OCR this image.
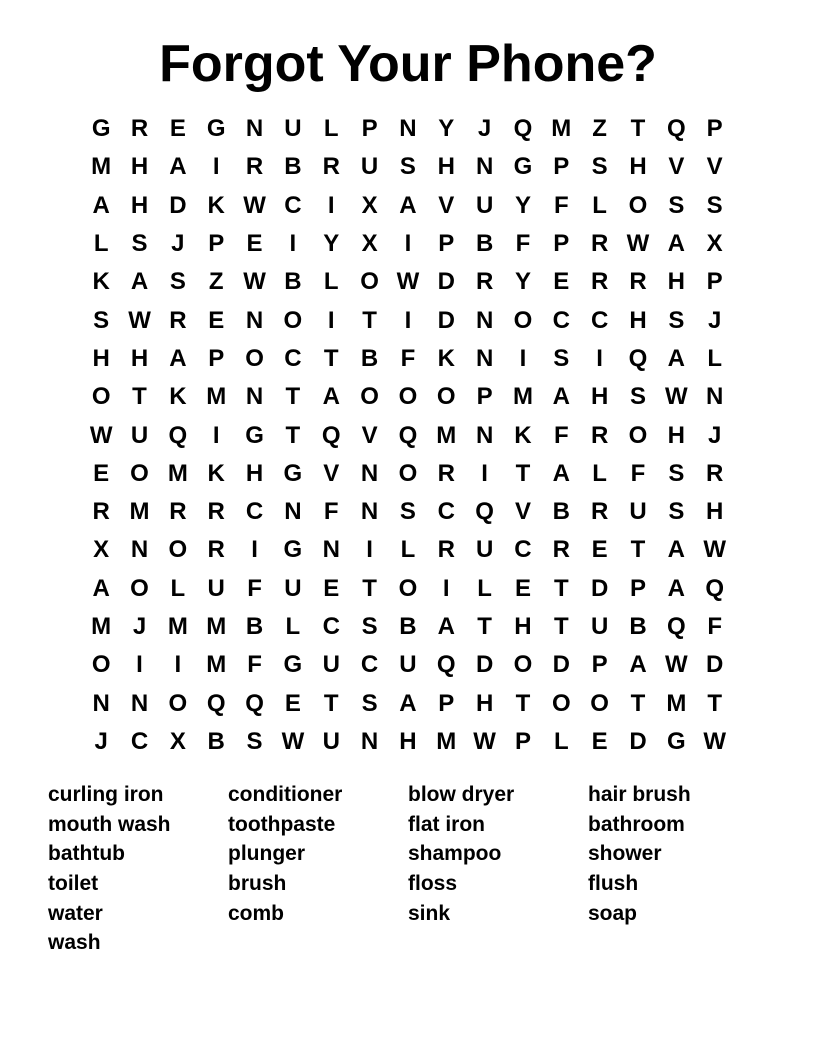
Forgot Your Phone?
G R E G N U L P N Y J Q M Z T Q P
M H A	I	R B R U S H N G P S H V V
A H D K W C	I	X A V U Y F L O S S
L S J P E	I	Y X	I	P B F P R W A X
K A S Z W B L O W D R Y E R R H P
S W R E N O	I	T	I	D N O C C H S J
H H A P O C T B F K N	I	S	I	Q A L
O T K M N T A O O O P M A H S W N
W U Q	I	G T Q V Q M N K F R O H J
E O M K H G V N O R	I	T A L F S R
R M R R C N F N S C Q V B R U S H
X N O R	I	G N	I	L R U C R E T A W
A O L U F U E T O	I	L E T D P A Q
M J M M B L C S B A T H T U B Q F
O	I	I	M F G U C U Q D O D P A W D
N N O Q Q E T S A P H T O O T M T
J C X B S W U N H M W P L E D G W
curling iron	conditioner	blow dryer	hair brush
mouth wash	toothpaste	flat iron	bathroom
bathtub	plunger	shampoo	shower
toilet	brush	floss	flush
water	comb	sink	soap
wash
